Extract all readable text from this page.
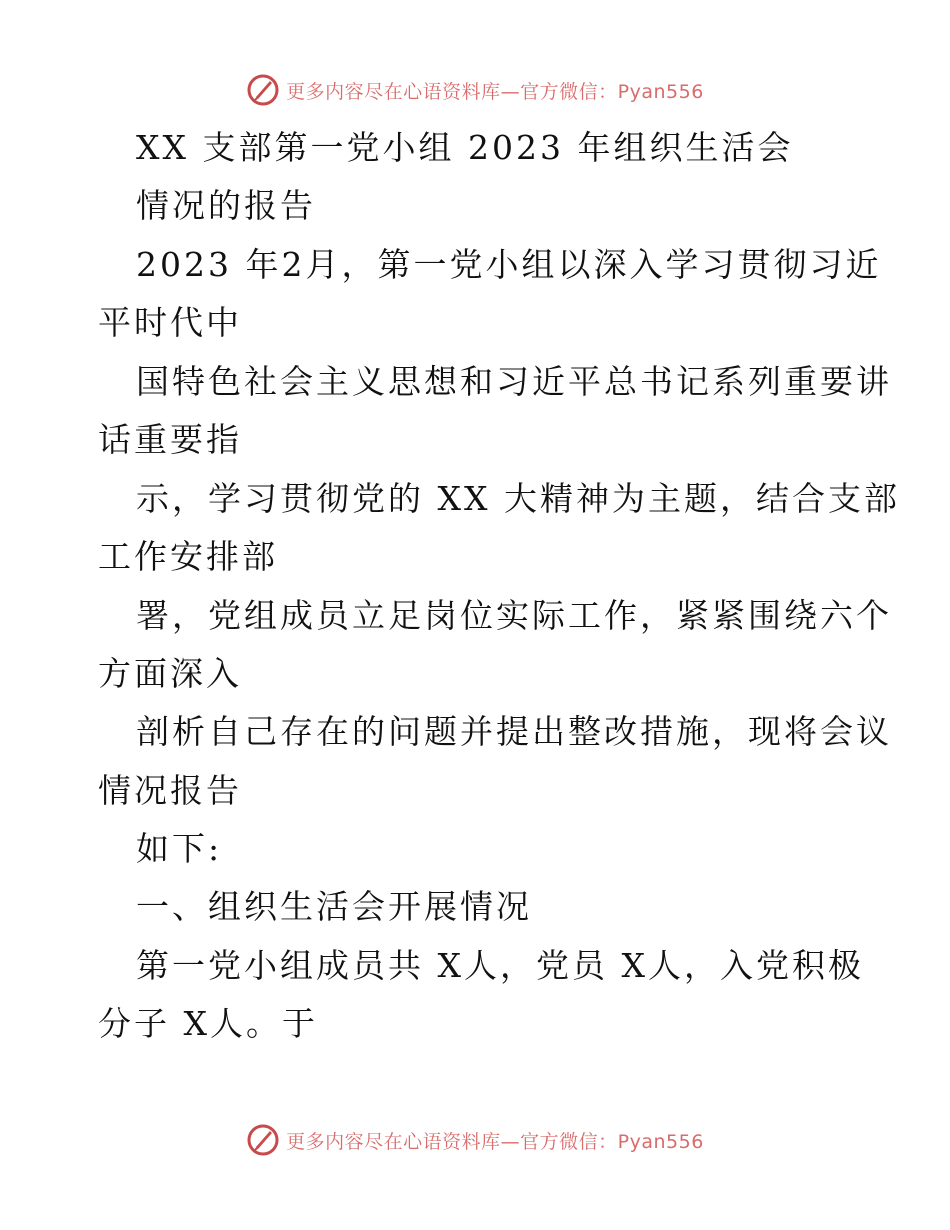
更多内容尽在心语资料库—官方微信：Pyan556

XX 支部第一党小组 2023 年组织生活会

情况的报告

2023 年2月，第一党小组以深入学习贯彻习近

平时代中

国特色社会主义思想和习近平总书记系列重要讲

话重要指

示，学习贯彻党的 XX 大精神为主题，结合支部

工作安排部

署，党组成员立足岗位实际工作，紧紧围绕六个

方面深入

剖析自己存在的问题并提出整改措施，现将会议

情况报告

如下:

一、组织生活会开展情况

第一党小组成员共 X人，党员 X人，入党积极

分子 X人。于

更多内容尽在心语资料库—官方微信：Pyan556
